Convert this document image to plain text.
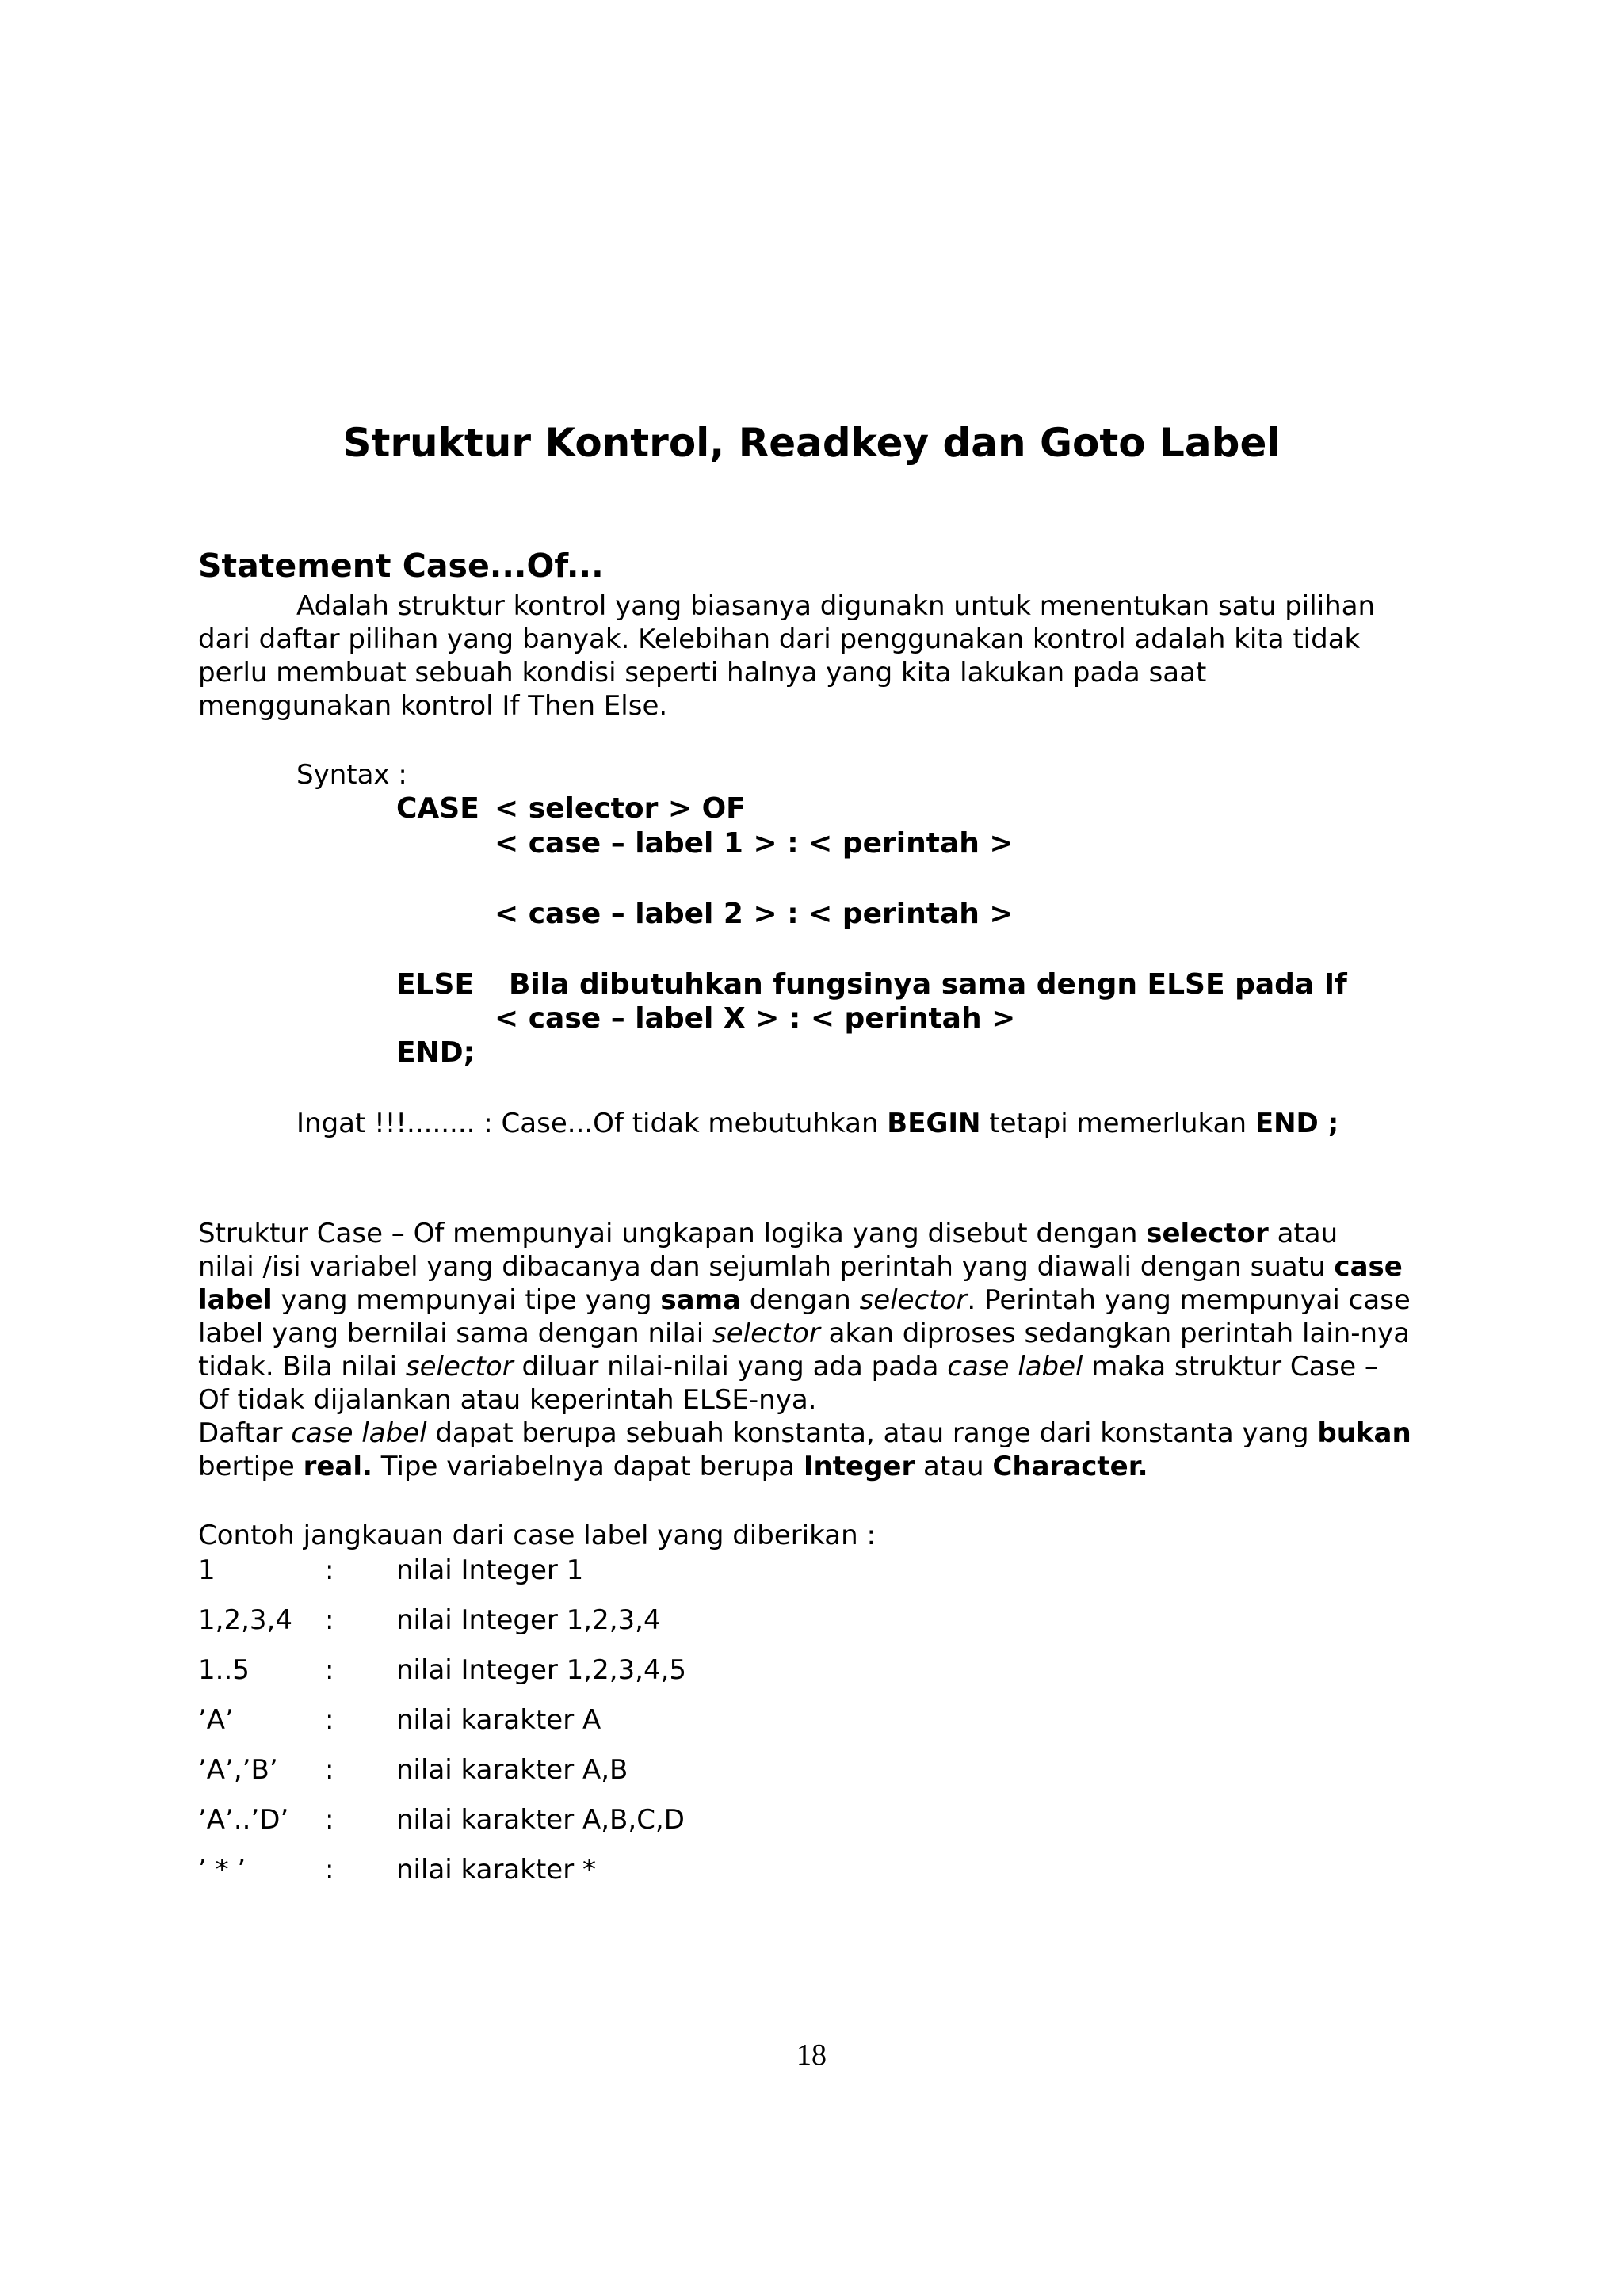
Struktur Kontrol, Readkey dan Goto Label
Statement Case...Of...
Adalah struktur kontrol yang biasanya digunakn untuk menentukan satu pilihan
dari daftar pilihan yang banyak. Kelebihan dari penggunakan kontrol adalah kita tidak
perlu membuat sebuah kondisi seperti halnya yang kita lakukan pada saat
menggunakan kontrol If Then Else.
Syntax :
CASE < selector > OF
< case – label 1 > : < perintah >
< case – label 2 > : < perintah >
ELSE Bila dibutuhkan fungsinya sama dengn ELSE pada If
< case – label X > : < perintah >
END;
Ingat !!!........ : Case...Of tidak mebutuhkan BEGIN tetapi memerlukan END ;
Struktur Case – Of mempunyai ungkapan logika yang disebut dengan selector atau
nilai /isi variabel yang dibacanya dan sejumlah perintah yang diawali dengan suatu case
label yang mempunyai tipe yang sama dengan selector. Perintah yang mempunyai case
label yang bernilai sama dengan nilai selector akan diproses sedangkan perintah lain-nya
tidak. Bila nilai selector diluar nilai-nilai yang ada pada case label maka struktur Case –
Of tidak dijalankan atau keperintah ELSE-nya.
Daftar case label dapat berupa sebuah konstanta, atau range dari konstanta yang bukan
bertipe real. Tipe variabelnya dapat berupa Integer atau Character.
Contoh jangkauan dari case label yang diberikan :
1	: nilai Integer 1
1,2,3,4 : nilai Integer 1,2,3,4
1..5	: nilai Integer 1,2,3,4,5
’A’	: nilai karakter A
’A’,’B’ : nilai karakter A,B
’A’..’D’ : nilai karakter A,B,C,D
’ * ’	: nilai karakter *
18
